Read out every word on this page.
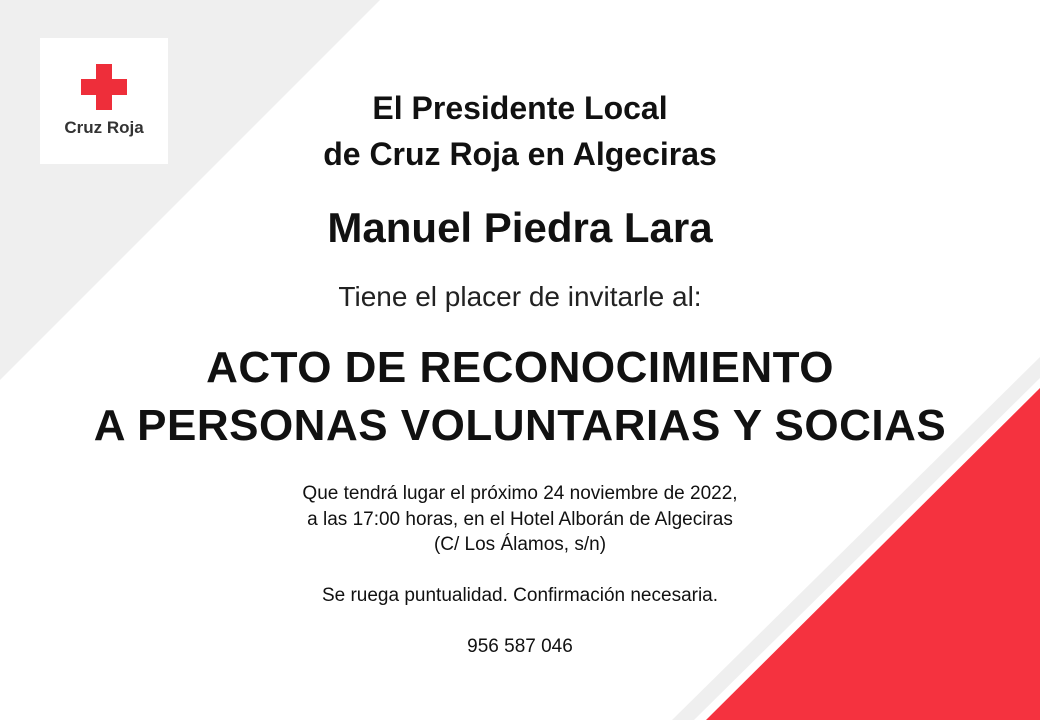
Cruz Roja
El Presidente Local
de Cruz Roja en Algeciras
Manuel Piedra Lara
Tiene el placer de invitarle al:
ACTO DE RECONOCIMIENTO
A PERSONAS VOLUNTARIAS Y SOCIAS
Que tendrá lugar el próximo 24 noviembre de 2022,
a las 17:00 horas, en el Hotel Alborán de Algeciras
(C/ Los Álamos, s/n)
Se ruega puntualidad. Confirmación necesaria.
956 587 046
